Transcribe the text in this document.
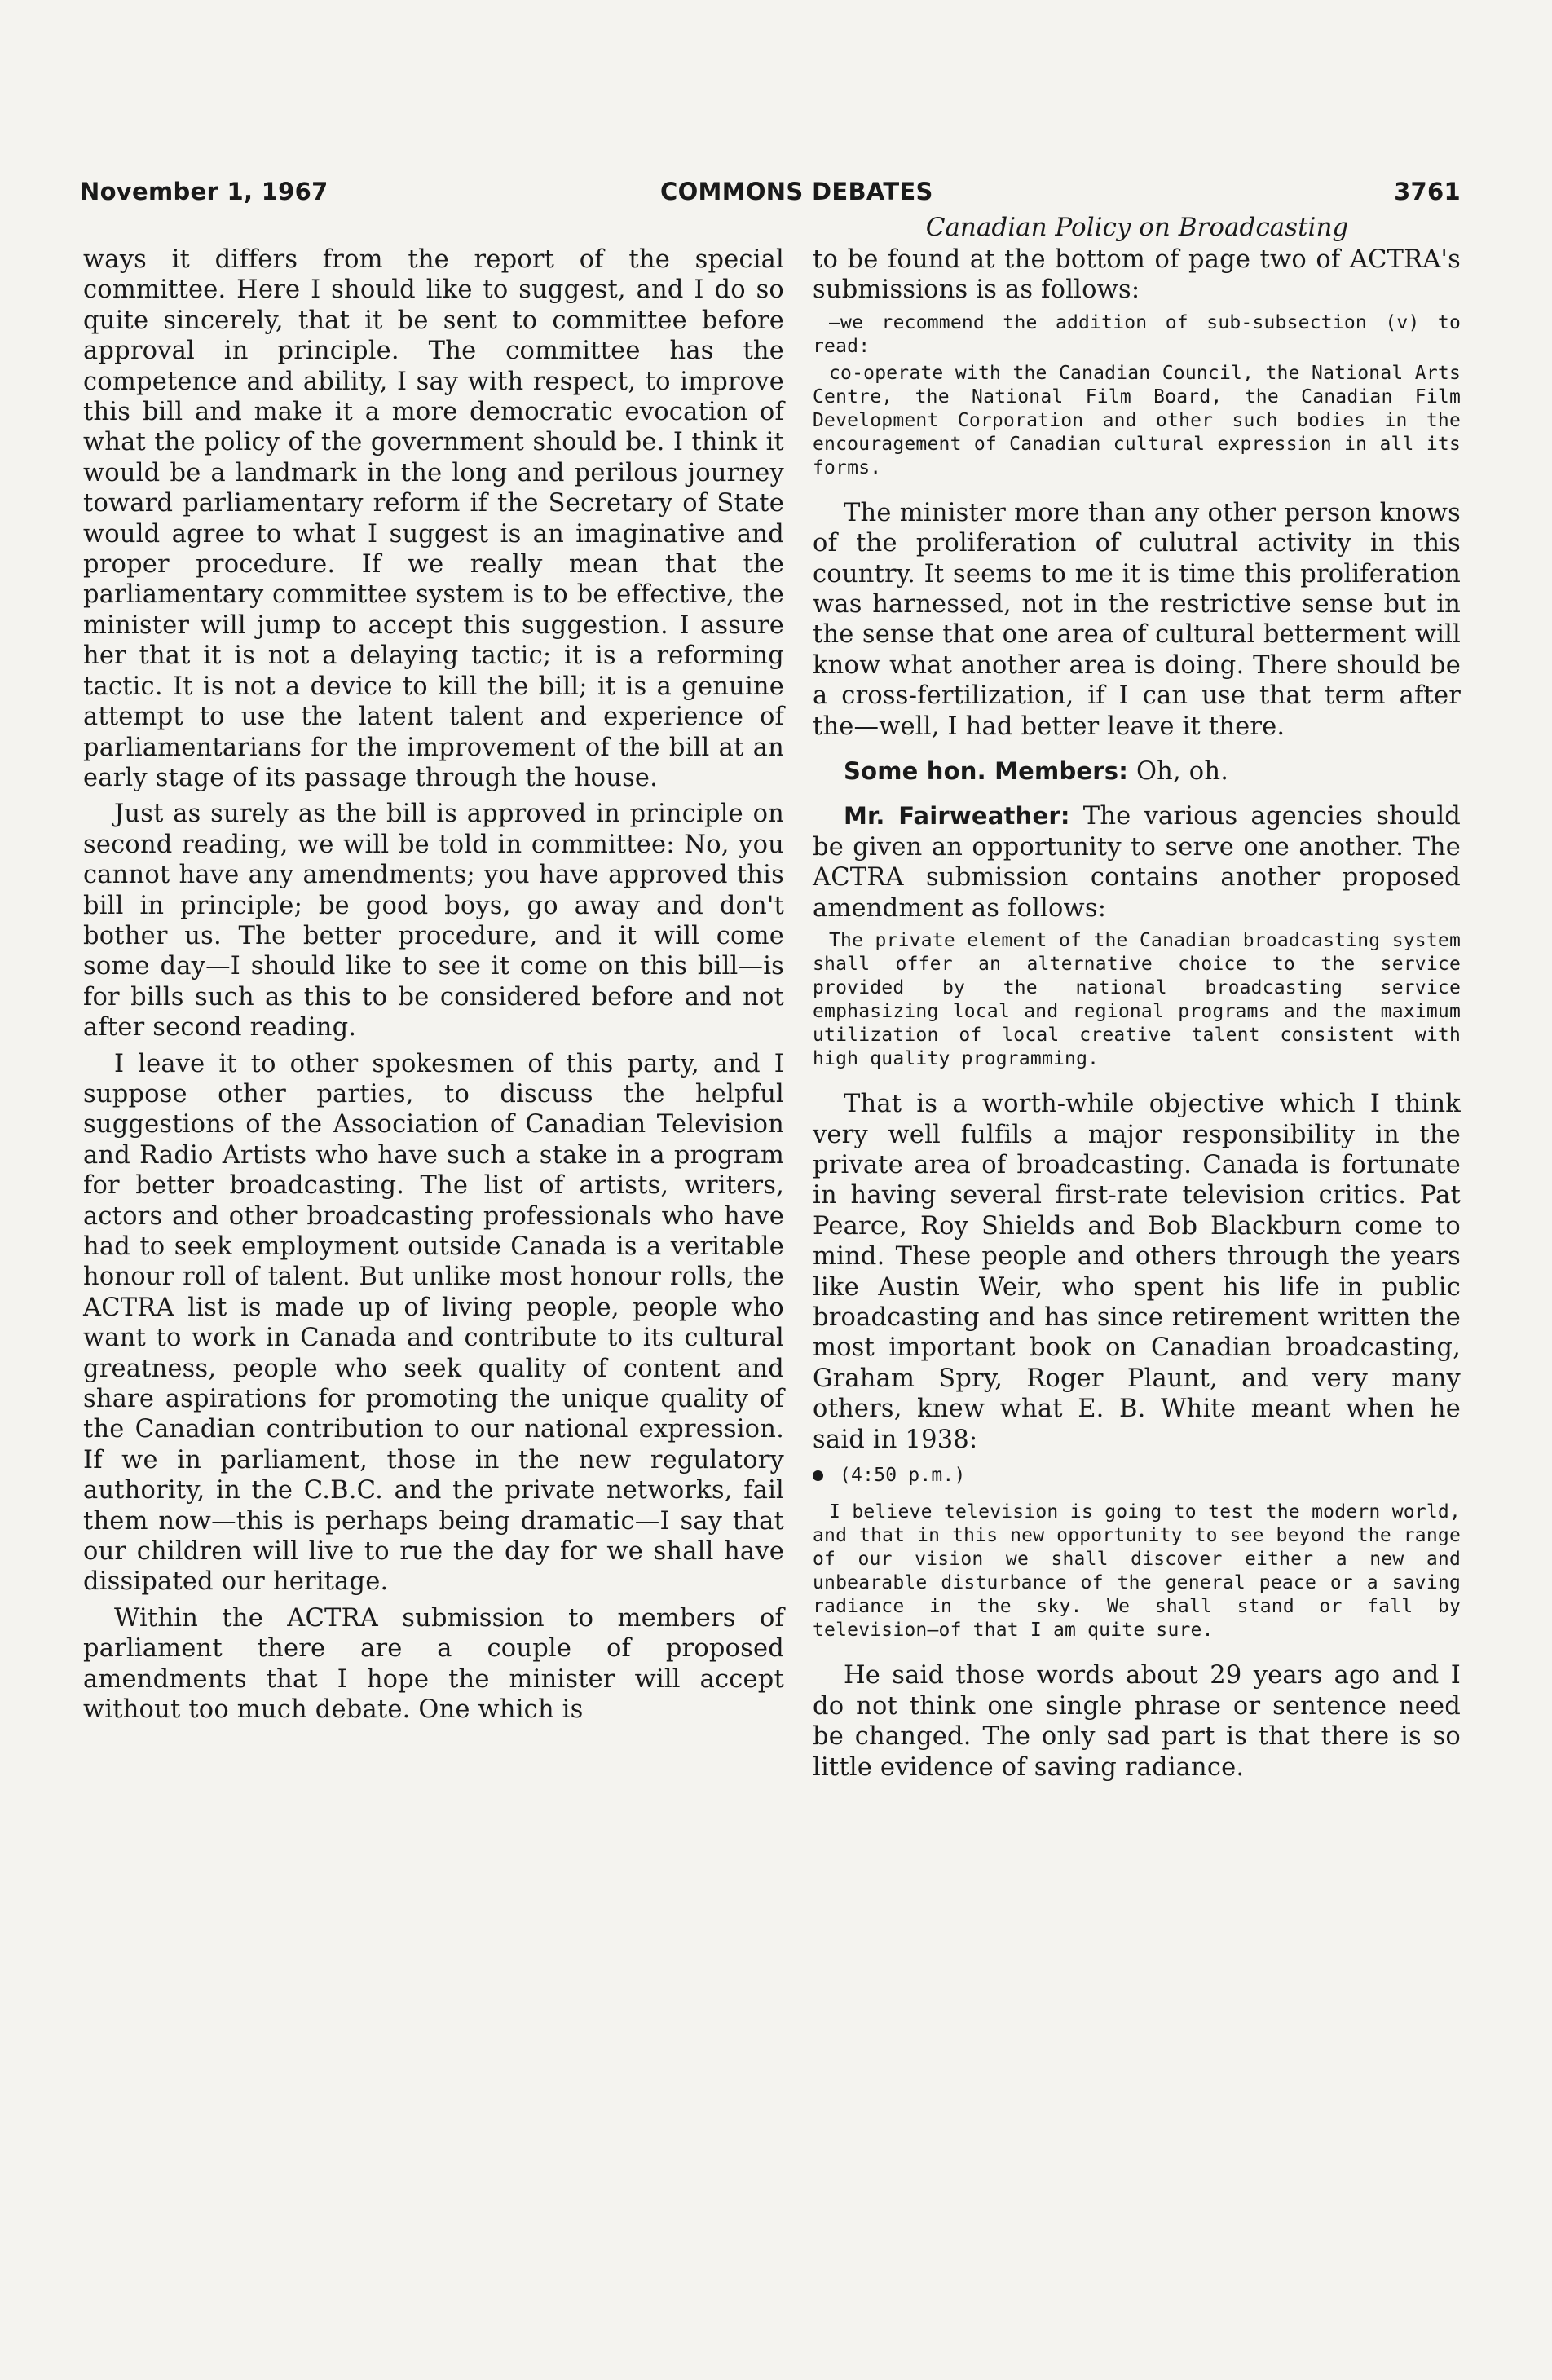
November 1, 1967	COMMONS DEBATES	3761
Canadian Policy on Broadcasting

ways it differs from the report of the special committee. Here I should like to suggest, and I do so quite sincerely, that it be sent to committee before approval in principle. The committee has the competence and ability, I say with respect, to improve this bill and make it a more democratic evocation of what the policy of the government should be. I think it would be a landmark in the long and perilous journey toward parliamentary reform if the Secretary of State would agree to what I suggest is an imaginative and proper procedure. If we really mean that the parliamentary committee system is to be effective, the minister will jump to accept this suggestion. I assure her that it is not a delaying tactic; it is a reforming tactic. It is not a device to kill the bill; it is a genuine attempt to use the latent talent and experience of parliamentarians for the improvement of the bill at an early stage of its passage through the house.

Just as surely as the bill is approved in principle on second reading, we will be told in committee: No, you cannot have any amendments; you have approved this bill in principle; be good boys, go away and don't bother us. The better procedure, and it will come some day—I should like to see it come on this bill—is for bills such as this to be considered before and not after second reading.

I leave it to other spokesmen of this party, and I suppose other parties, to discuss the helpful suggestions of the Association of Canadian Television and Radio Artists who have such a stake in a program for better broadcasting. The list of artists, writers, actors and other broadcasting professionals who have had to seek employment outside Canada is a veritable honour roll of talent. But unlike most honour rolls, the ACTRA list is made up of living people, people who want to work in Canada and contribute to its cultural greatness, people who seek quality of content and share aspirations for promoting the unique quality of the Canadian contribution to our national expression. If we in parliament, those in the new regulatory authority, in the C.B.C. and the private networks, fail them now—this is perhaps being dramatic—I say that our children will live to rue the day for we shall have dissipated our heritage.

Within the ACTRA submission to members of parliament there are a couple of proposed amendments that I hope the minister will accept without too much debate. One which is

to be found at the bottom of page two of ACTRA's submissions is as follows:

—we recommend the addition of sub-subsection (v) to read:

co-operate with the Canadian Council, the National Arts Centre, the National Film Board, the Canadian Film Development Corporation and other such bodies in the encouragement of Canadian cultural expression in all its forms.

The minister more than any other person knows of the proliferation of culutral activity in this country. It seems to me it is time this proliferation was harnessed, not in the restrictive sense but in the sense that one area of cultural betterment will know what another area is doing. There should be a cross-fertilization, if I can use that term after the—well, I had better leave it there.

Some hon. Members: Oh, oh.

Mr. Fairweather: The various agencies should be given an opportunity to serve one another. The ACTRA submission contains another proposed amendment as follows:

The private element of the Canadian broadcasting system shall offer an alternative choice to the service provided by the national broadcasting service emphasizing local and regional programs and the maximum utilization of local creative talent consistent with high quality programming.

That is a worth-while objective which I think very well fulfils a major responsibility in the private area of broadcasting. Canada is fortunate in having several first-rate television critics. Pat Pearce, Roy Shields and Bob Blackburn come to mind. These people and others through the years like Austin Weir, who spent his life in public broadcasting and has since retirement written the most important book on Canadian broadcasting, Graham Spry, Roger Plaunt, and very many others, knew what E. B. White meant when he said in 1938:

(4:50 p.m.)

I believe television is going to test the modern world, and that in this new opportunity to see beyond the range of our vision we shall discover either a new and unbearable disturbance of the general peace or a saving radiance in the sky. We shall stand or fall by television—of that I am quite sure.

He said those words about 29 years ago and I do not think one single phrase or sentence need be changed. The only sad part is that there is so little evidence of saving radiance.
